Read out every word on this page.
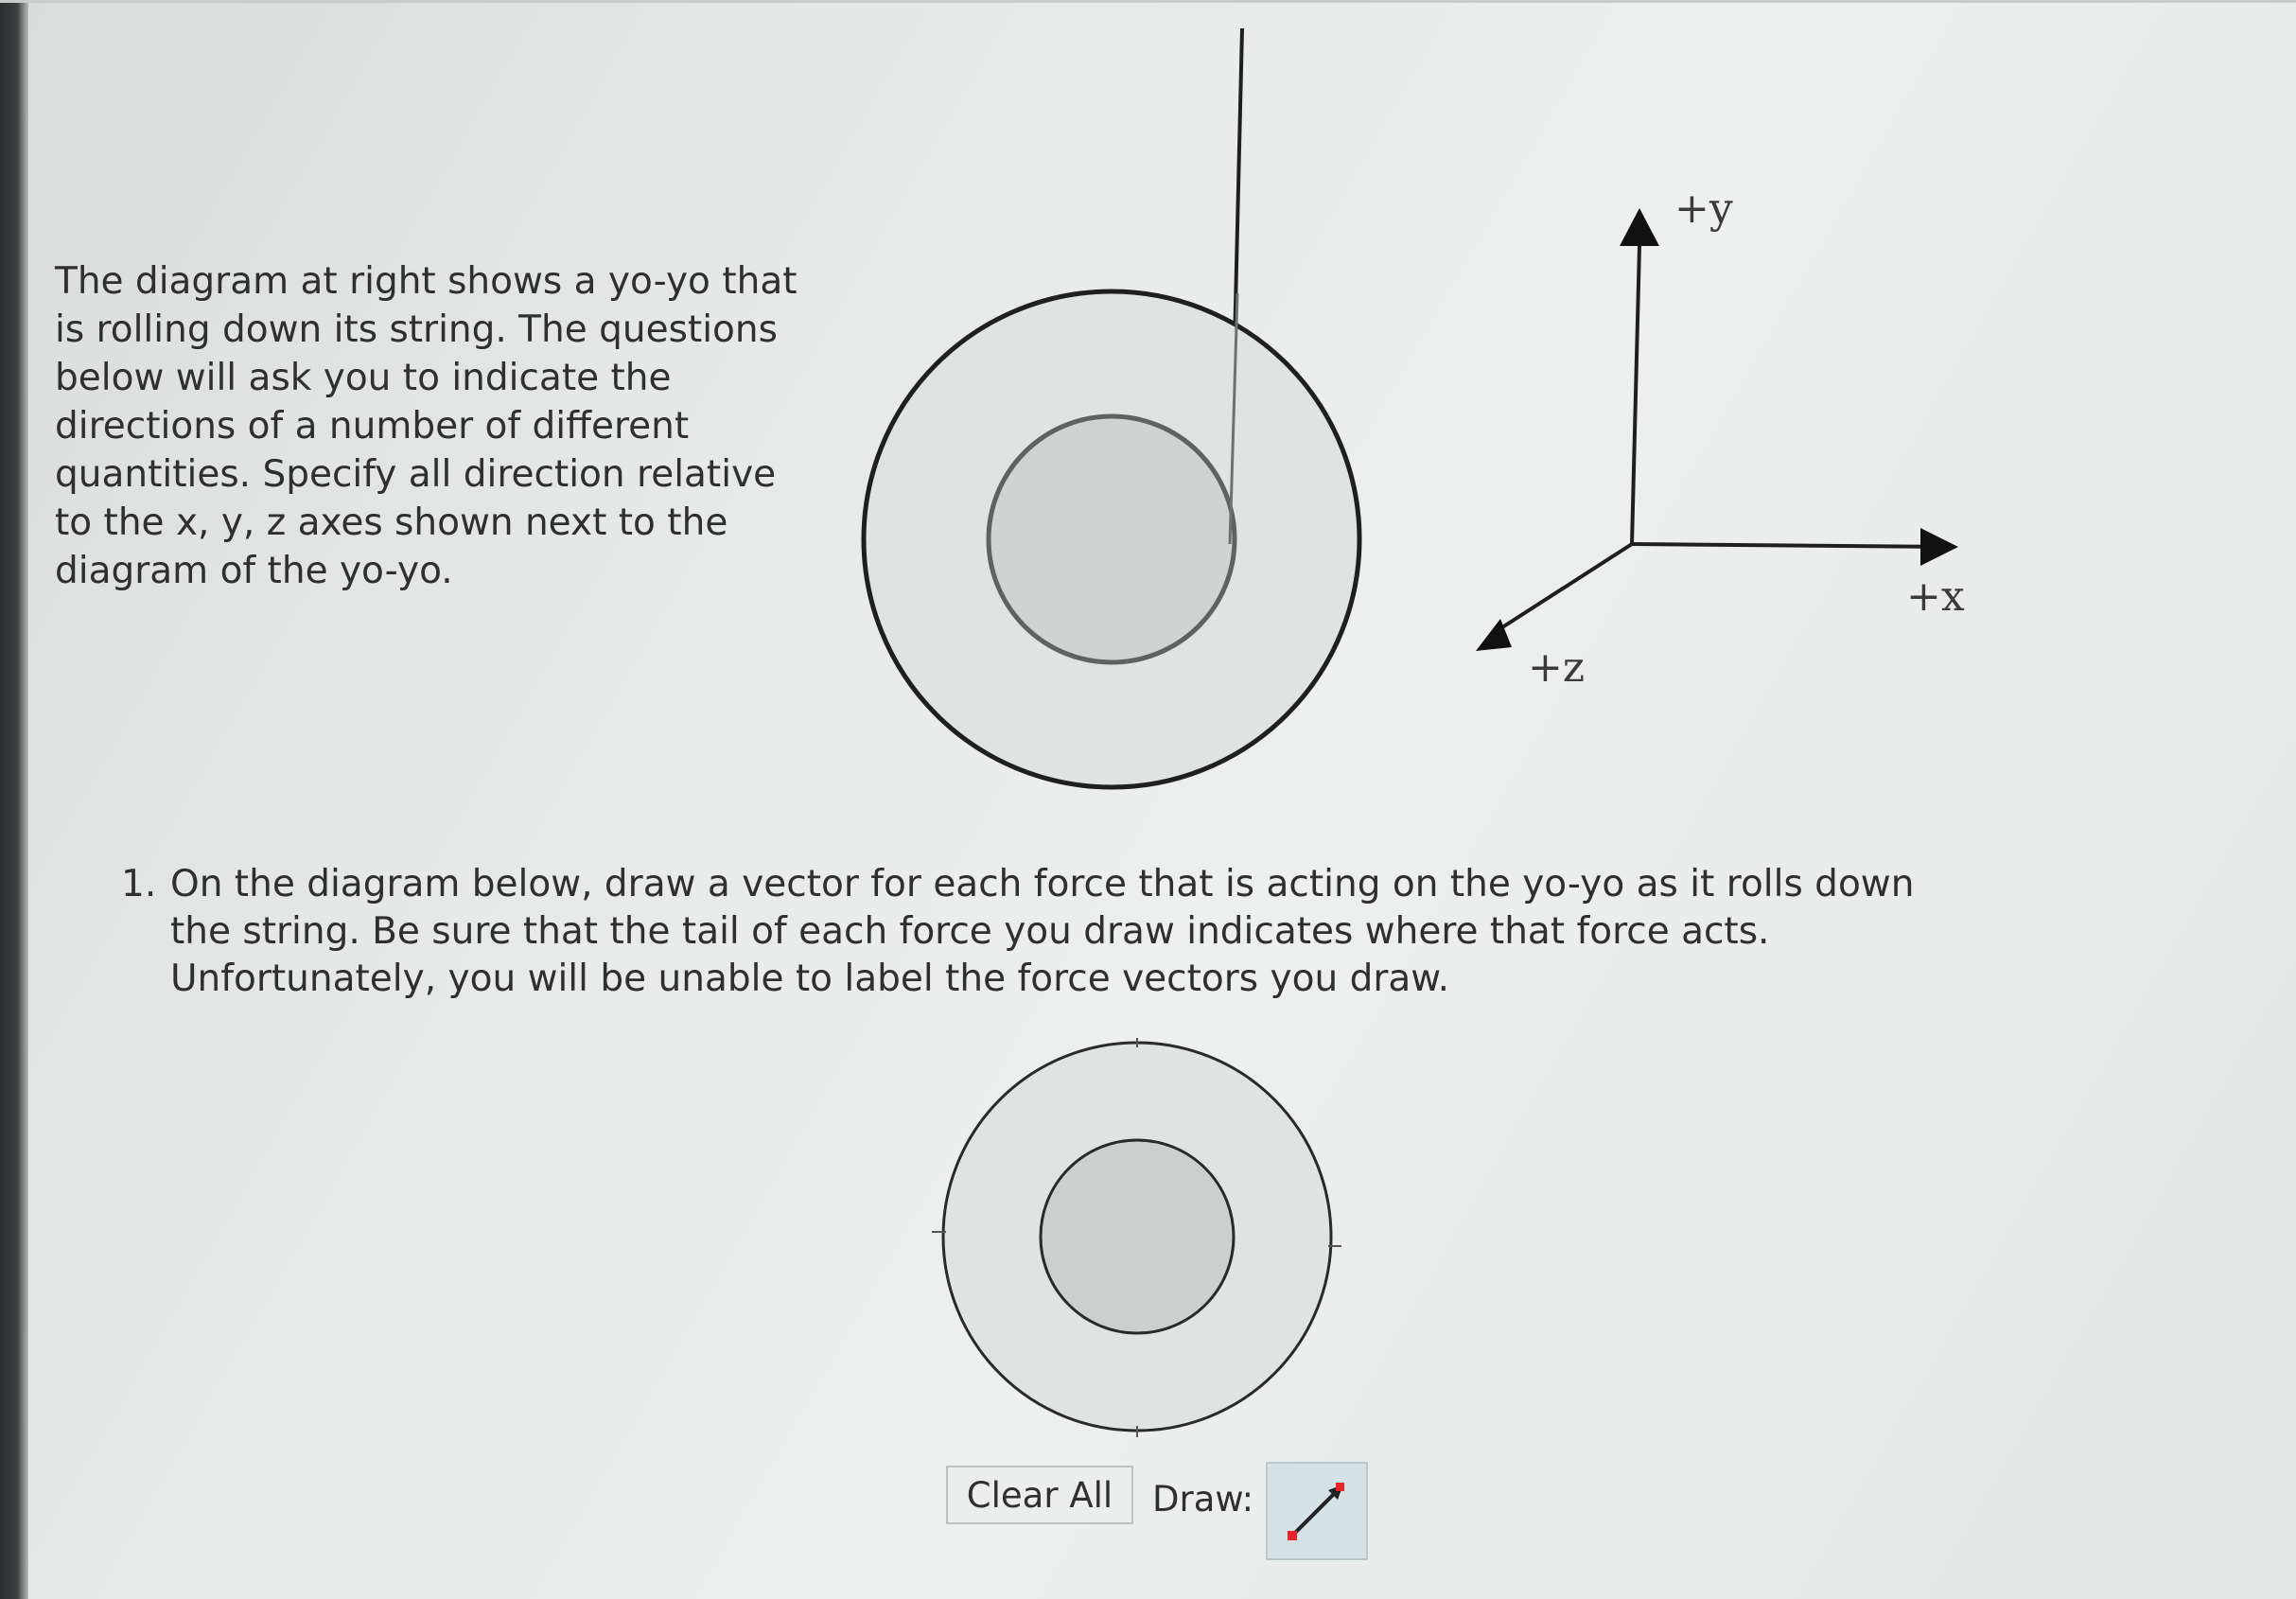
The diagram at right shows a yo-yo that is rolling down its string. The questions below will ask you to indicate the directions of a number of different quantities. Specify all direction relative to the x, y, z axes shown next to the diagram of the yo-yo.
+y
+x
+z
1. On the diagram below, draw a vector for each force that is acting on the yo-yo as it rolls down the string. Be sure that the tail of each force you draw indicates where that force acts. Unfortunately, you will be unable to label the force vectors you draw.
Clear All	Draw:
